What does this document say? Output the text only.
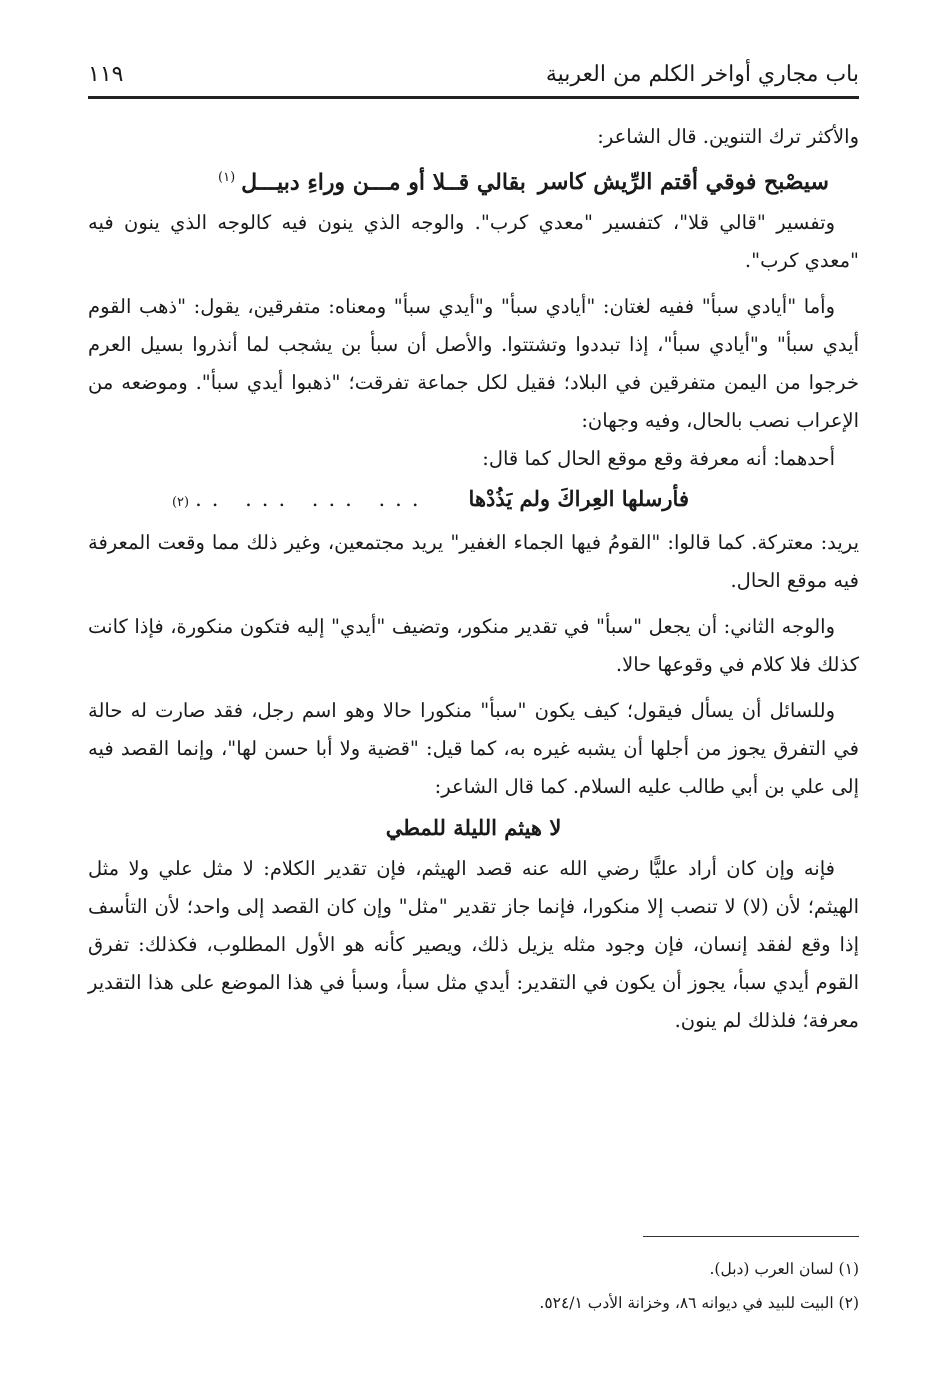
باب مجاري أواخر الكلم من العربية
١١٩

والأكثر ترك التنوين. قال الشاعر:

سيصْبح فوقي أقتم الرِّيش كاسر
بقالي قــلا أو مـــن وراءِ دبيـــل$^{(١)}$

وتفسير "قالي قلا"، كتفسير "معدي كرب". والوجه الذي ينون فيه كالوجه الذي ينون فيه "معدي كرب".

وأما "أيادي سبأ" ففيه لغتان: "أيادي سبأ" و"أيدي سبأ" ومعناه: متفرقين، يقول: "ذهب القوم أيدي سبأ" و"أيادي سبأ"، إذا تبددوا وتشتتوا. والأصل أن سبأ بن يشجب لما أنذروا بسيل العرم خرجوا من اليمن متفرقين في البلاد؛ فقيل لكل جماعة تفرقت؛ "ذهبوا أيدي سبأ". وموضعه من الإعراب نصب بالحال، وفيه وجهان:

أحدهما: أنه معرفة وقع موقع الحال كما قال:

فأرسلها العِراكَ ولم يَذُدْها
... ... ... ..
(٢)

يريد: معتركة. كما قالوا: "القومُ فيها الجماء الغفير" يريد مجتمعين، وغير ذلك مما وقعت المعرفة فيه موقع الحال.

والوجه الثاني: أن يجعل "سبأ" في تقدير منكور، وتضيف "أيدي" إليه فتكون منكورة، فإذا كانت كذلك فلا كلام في وقوعها حالا.

وللسائل أن يسأل فيقول؛ كيف يكون "سبأ" منكورا حالا وهو اسم رجل، فقد صارت له حالة في التفرق يجوز من أجلها أن يشبه غيره به، كما قيل: "قضية ولا أبا حسن لها"، وإنما القصد فيه إلى علي بن أبي طالب عليه السلام. كما قال الشاعر:

لا هيثم الليلة للمطي

فإنه وإن كان أراد عليًّا رضي الله عنه قصد الهيثم، فإن تقدير الكلام: لا مثل علي ولا مثل الهيثم؛ لأن (لا) لا تنصب إلا منكورا، فإنما جاز تقدير "مثل" وإن كان القصد إلى واحد؛ لأن التأسف إذا وقع لفقد إنسان، فإن وجود مثله يزيل ذلك، ويصير كأنه هو الأول المطلوب، فكذلك: تفرق القوم أيدي سبأ، يجوز أن يكون في التقدير: أيدي مثل سبأ، وسبأ في هذا الموضع على هذا التقدير معرفة؛ فلذلك لم ينون.

(١) لسان العرب (دبل).

(٢) البيت للبيد في ديوانه ٨٦، وخزانة الأدب ٥٢٤/١.
